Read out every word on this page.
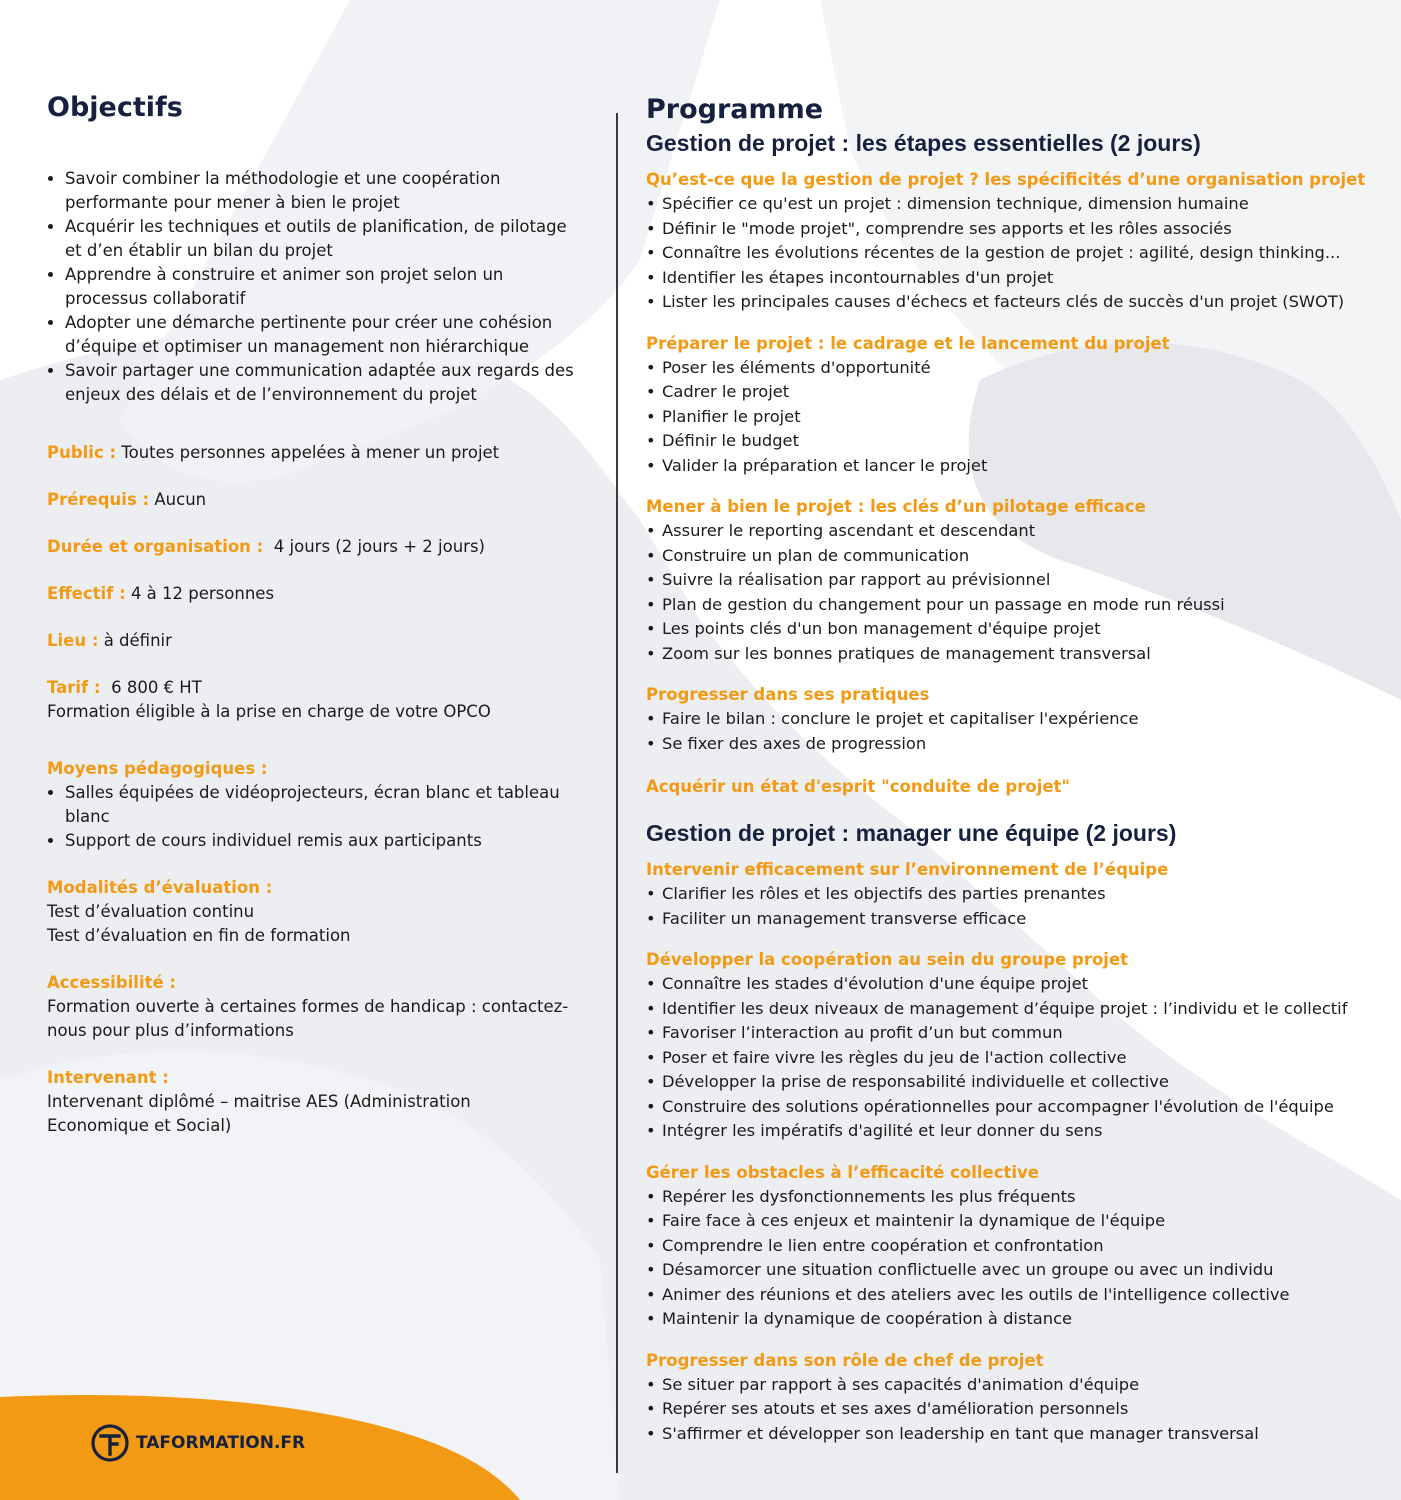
Objectifs
• Savoir combiner la méthodologie et une coopération performante pour mener à bien le projet
• Acquérir les techniques et outils de planification, de pilotage et d’en établir un bilan du projet
• Apprendre à construire et animer son projet selon un processus collaboratif
• Adopter une démarche pertinente pour créer une cohésion d’équipe et optimiser un management non hiérarchique
• Savoir partager une communication adaptée aux regards des enjeux des délais et de l’environnement du projet
Public : Toutes personnes appelées à mener un projet
Prérequis : Aucun
Durée et organisation : 4 jours (2 jours + 2 jours)
Effectif : 4 à 12 personnes
Lieu : à définir
Tarif : 6 800 € HT
Formation éligible à la prise en charge de votre OPCO
Moyens pédagogiques :
• Salles équipées de vidéoprojecteurs, écran blanc et tableau blanc
• Support de cours individuel remis aux participants
Modalités d’évaluation :
Test d’évaluation continu
Test d’évaluation en fin de formation
Accessibilité :
Formation ouverte à certaines formes de handicap : contactez-nous pour plus d’informations
Intervenant :
Intervenant diplômé – maitrise AES (Administration Economique et Social)
Programme
Gestion de projet : les étapes essentielles (2 jours)
Qu’est-ce que la gestion de projet ? les spécificités d’une organisation projet
• Spécifier ce qu'est un projet : dimension technique, dimension humaine
• Définir le "mode projet", comprendre ses apports et les rôles associés
• Connaître les évolutions récentes de la gestion de projet : agilité, design thinking...
• Identifier les étapes incontournables d'un projet
• Lister les principales causes d'échecs et facteurs clés de succès d'un projet (SWOT)
Préparer le projet : le cadrage et le lancement du projet
• Poser les éléments d'opportunité
• Cadrer le projet
• Planifier le projet
• Définir le budget
• Valider la préparation et lancer le projet
Mener à bien le projet : les clés d’un pilotage efficace
• Assurer le reporting ascendant et descendant
• Construire un plan de communication
• Suivre la réalisation par rapport au prévisionnel
• Plan de gestion du changement pour un passage en mode run réussi
• Les points clés d'un bon management d'équipe projet
• Zoom sur les bonnes pratiques de management transversal
Progresser dans ses pratiques
• Faire le bilan : conclure le projet et capitaliser l'expérience
• Se fixer des axes de progression
Acquérir un état d'esprit "conduite de projet"
Gestion de projet : manager une équipe (2 jours)
Intervenir efficacement sur l’environnement de l’équipe
• Clarifier les rôles et les objectifs des parties prenantes
• Faciliter un management transverse efficace
Développer la coopération au sein du groupe projet
• Connaître les stades d'évolution d'une équipe projet
• Identifier les deux niveaux de management d’équipe projet : l’individu et le collectif
• Favoriser l’interaction au profit d’un but commun
• Poser et faire vivre les règles du jeu de l'action collective
• Développer la prise de responsabilité individuelle et collective
• Construire des solutions opérationnelles pour accompagner l'évolution de l'équipe
• Intégrer les impératifs d'agilité et leur donner du sens
Gérer les obstacles à l’efficacité collective
• Repérer les dysfonctionnements les plus fréquents
• Faire face à ces enjeux et maintenir la dynamique de l'équipe
• Comprendre le lien entre coopération et confrontation
• Désamorcer une situation conflictuelle avec un groupe ou avec un individu
• Animer des réunions et des ateliers avec les outils de l'intelligence collective
• Maintenir la dynamique de coopération à distance
Progresser dans son rôle de chef de projet
• Se situer par rapport à ses capacités d'animation d'équipe
• Repérer ses atouts et ses axes d'amélioration personnels
• S'affirmer et développer son leadership en tant que manager transversal
TAFORMATION.FR
